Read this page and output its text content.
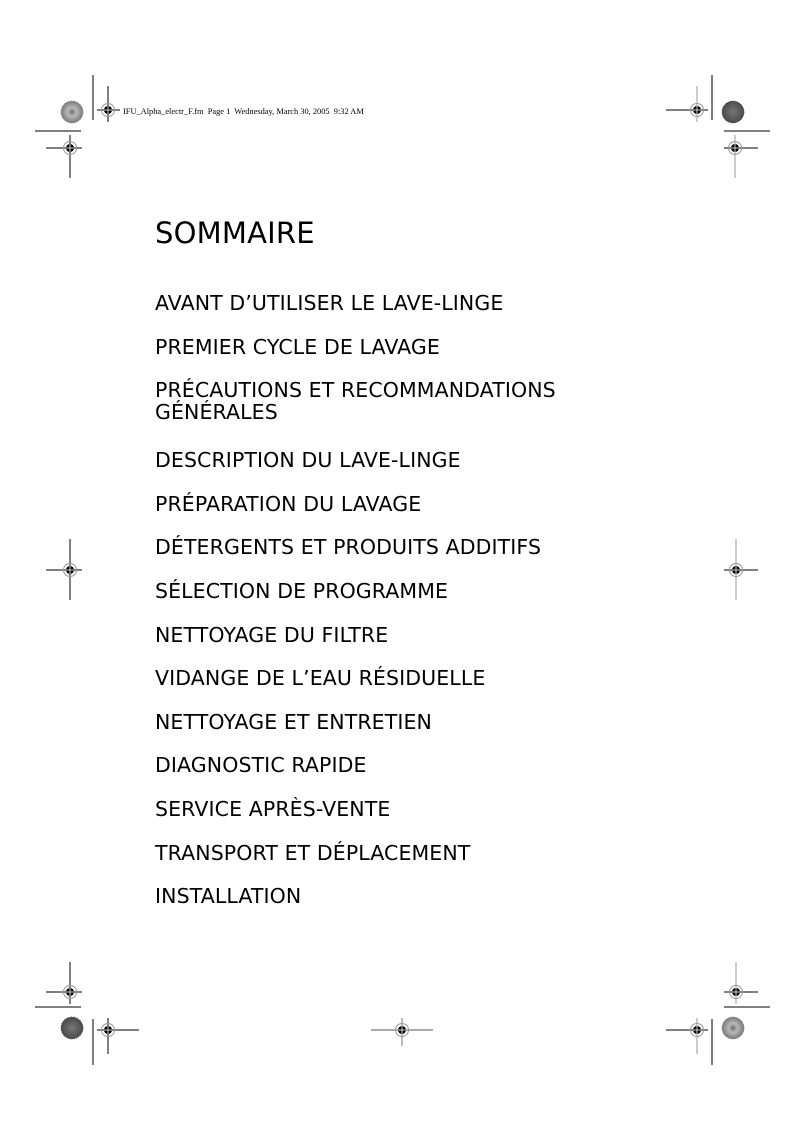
IFU_Alpha_electr_F.fm  Page 1  Wednesday, March 30, 2005  9:32 AM
SOMMAIRE
AVANT D’UTILISER LE LAVE-LINGE
PREMIER CYCLE DE LAVAGE
PRÉCAUTIONS ET RECOMMANDATIONS GÉNÉRALES
DESCRIPTION DU LAVE-LINGE
PRÉPARATION DU LAVAGE
DÉTERGENTS ET PRODUITS ADDITIFS
SÉLECTION DE PROGRAMME
NETTOYAGE DU FILTRE
VIDANGE DE L’EAU RÉSIDUELLE
NETTOYAGE ET ENTRETIEN
DIAGNOSTIC RAPIDE
SERVICE APRÈS-VENTE
TRANSPORT ET DÉPLACEMENT
INSTALLATION
